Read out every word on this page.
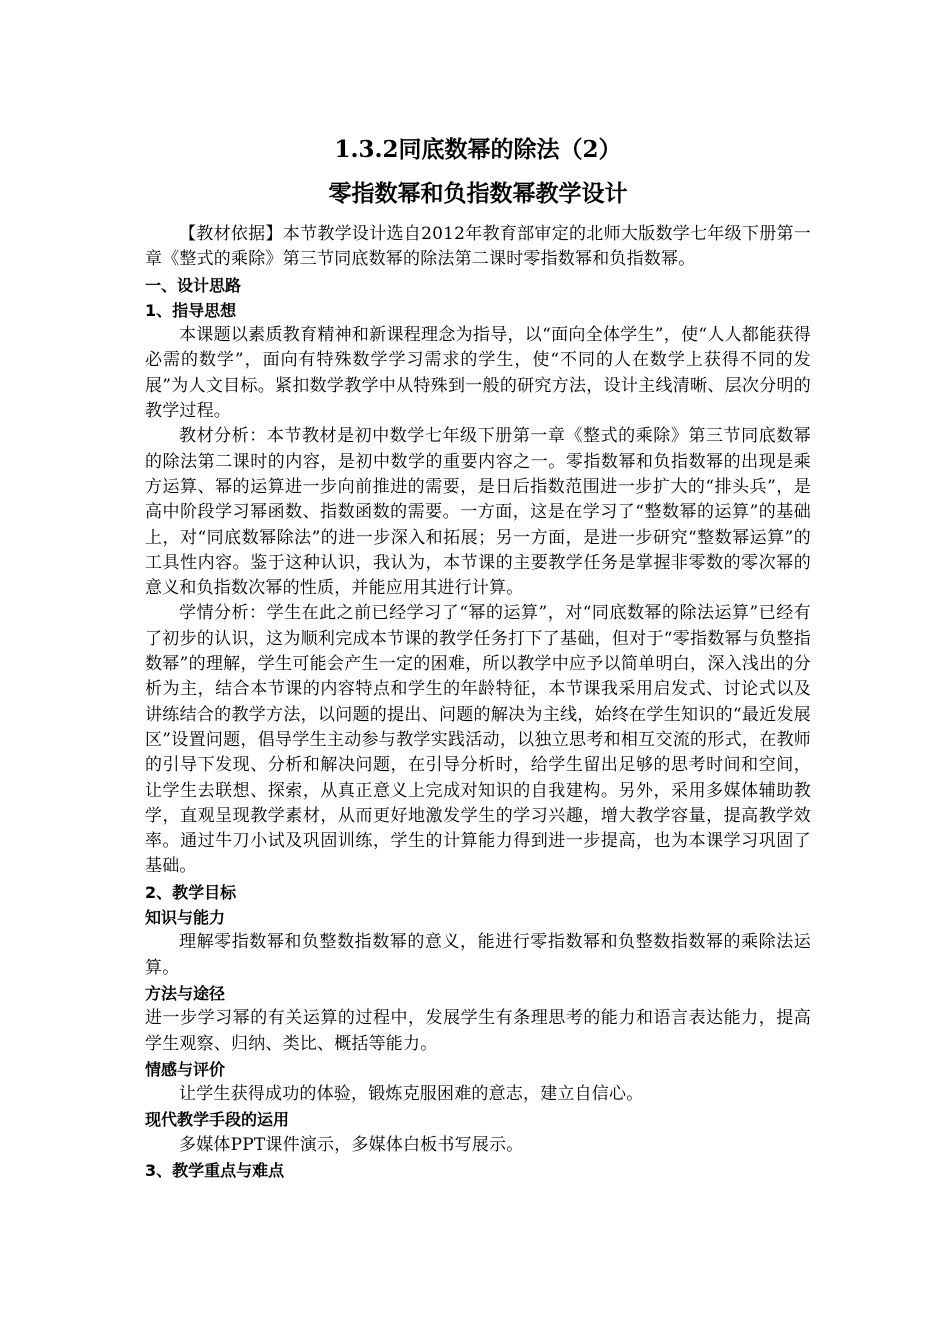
1.3.2同底数幂的除法（2）
零指数幂和负指数幂教学设计

【教材依据】本节教学设计选自2012年教育部审定的北师大版数学七年级下册第一章《整式的乘除》第三节同底数幂的除法第二课时零指数幂和负指数幂。

一、设计思路
1、指导思想

本课题以素质教育精神和新课程理念为指导，以“面向全体学生”，使“人人都能获得必需的数学”，面向有特殊数学学习需求的学生，使“不同的人在数学上获得不同的发展”为人文目标。紧扣数学教学中从特殊到一般的研究方法，设计主线清晰、层次分明的教学过程。

教材分析：本节教材是初中数学七年级下册第一章《整式的乘除》第三节同底数幂的除法第二课时的内容，是初中数学的重要内容之一。零指数幂和负指数幂的出现是乘方运算、幂的运算进一步向前推进的需要，是日后指数范围进一步扩大的“排头兵”，是高中阶段学习幂函数、指数函数的需要。一方面，这是在学习了“整数幂的运算”的基础上，对“同底数幂除法”的进一步深入和拓展；另一方面，是进一步研究“整数幂运算”的工具性内容。鉴于这种认识，我认为，本节课的主要教学任务是掌握非零数的零次幂的意义和负指数次幂的性质，并能应用其进行计算。

学情分析：学生在此之前已经学习了“幂的运算”，对“同底数幂的除法运算”已经有了初步的认识，这为顺利完成本节课的教学任务打下了基础，但对于“零指数幂与负整指数幂”的理解，学生可能会产生一定的困难，所以教学中应予以简单明白，深入浅出的分析为主，结合本节课的内容特点和学生的年龄特征，本节课我采用启发式、讨论式以及讲练结合的教学方法，以问题的提出、问题的解决为主线，始终在学生知识的“最近发展区”设置问题，倡导学生主动参与教学实践活动，以独立思考和相互交流的形式，在教师的引导下发现、分析和解决问题，在引导分析时，给学生留出足够的思考时间和空间，让学生去联想、探索，从真正意义上完成对知识的自我建构。另外，采用多媒体辅助教学，直观呈现教学素材，从而更好地激发学生的学习兴趣，增大教学容量，提高教学效率。通过牛刀小试及巩固训练，学生的计算能力得到进一步提高，也为本课学习巩固了基础。

2、教学目标
知识与能力

理解零指数幂和负整数指数幂的意义，能进行零指数幂和负整数指数幂的乘除法运算。

方法与途径

进一步学习幂的有关运算的过程中，发展学生有条理思考的能力和语言表达能力，提高学生观察、归纳、类比、概括等能力。

情感与评价

让学生获得成功的体验，锻炼克服困难的意志，建立自信心。

现代教学手段的运用

多媒体PPT课件演示，多媒体白板书写展示。

3、教学重点与难点
